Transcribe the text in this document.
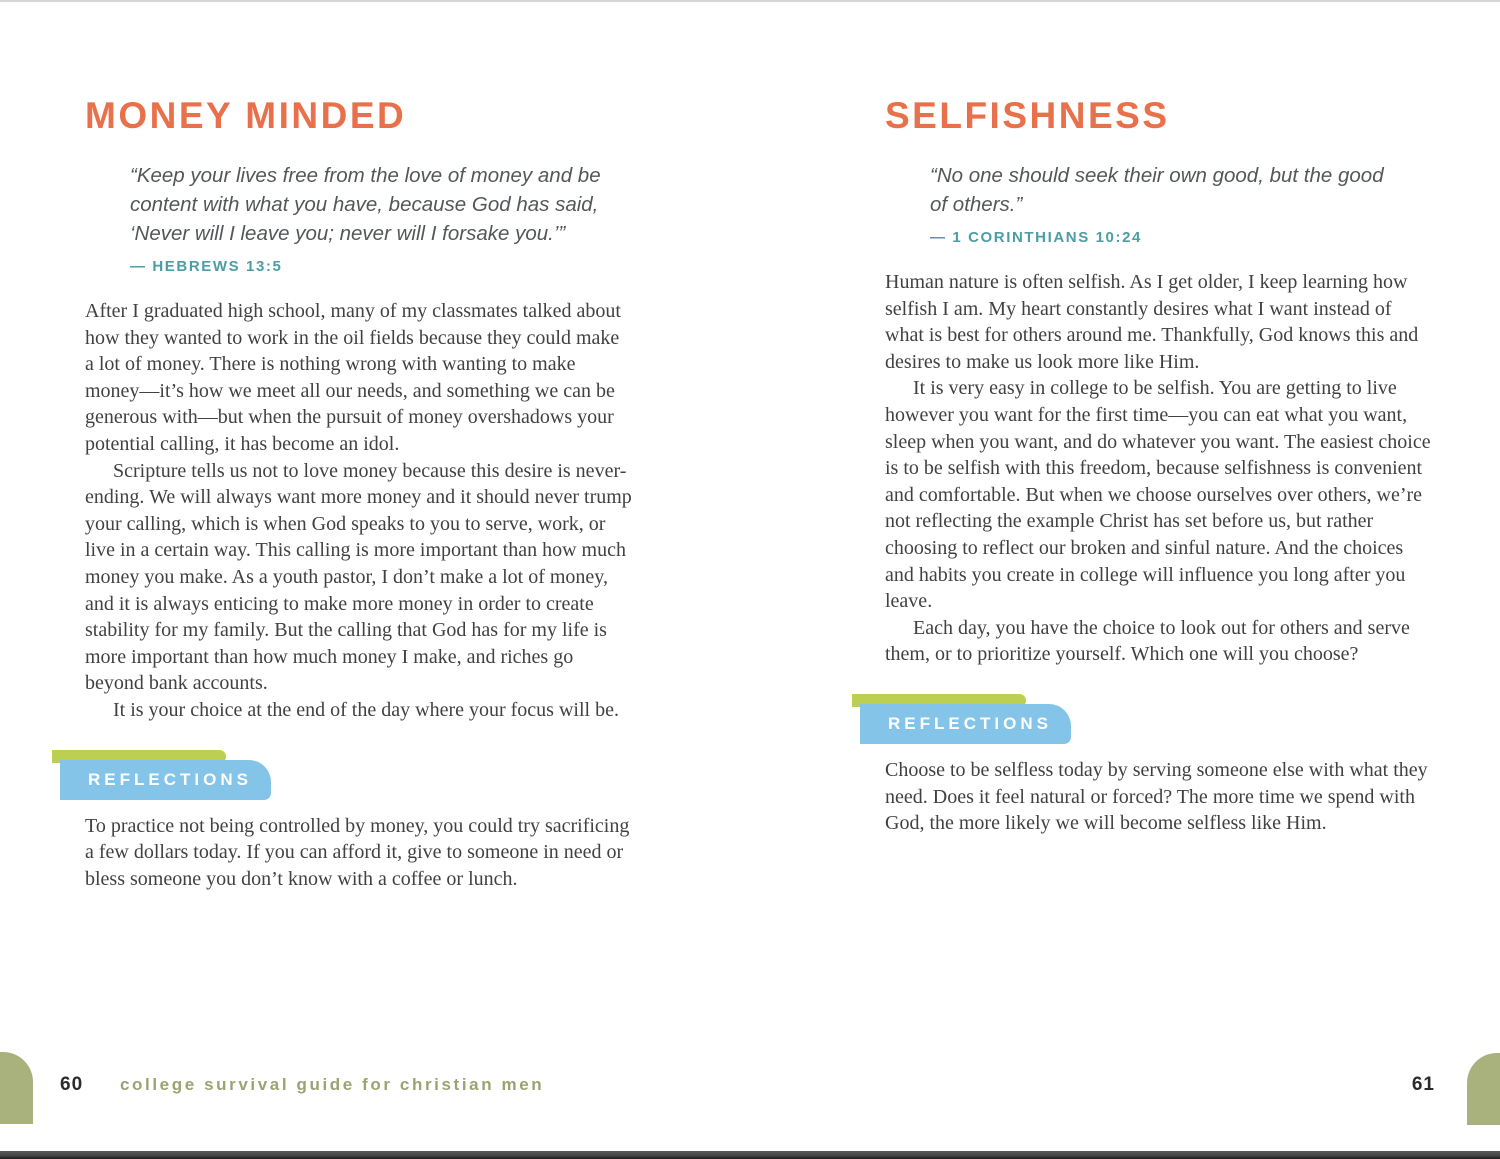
MONEY MINDED
“Keep your lives free from the love of money and be content with what you have, because God has said, ‘Never will I leave you; never will I forsake you.’”
— HEBREWS 13:5

After I graduated high school, many of my classmates talked about how they wanted to work in the oil fields because they could make a lot of money. There is nothing wrong with wanting to make money—it’s how we meet all our needs, and something we can be generous with—but when the pursuit of money overshadows your potential calling, it has become an idol.

Scripture tells us not to love money because this desire is never-ending. We will always want more money and it should never trump your calling, which is when God speaks to you to serve, work, or live in a certain way. This calling is more important than how much money you make. As a youth pastor, I don’t make a lot of money, and it is always enticing to make more money in order to create stability for my family. But the calling that God has for my life is more important than how much money I make, and riches go beyond bank accounts.

It is your choice at the end of the day where your focus will be.

REFLECTIONS
To practice not being controlled by money, you could try sacrificing a few dollars today. If you can afford it, give to someone in need or bless someone you don’t know with a coffee or lunch.
SELFISHNESS
“No one should seek their own good, but the good of others.”
— 1 CORINTHIANS 10:24

Human nature is often selfish. As I get older, I keep learning how selfish I am. My heart constantly desires what I want instead of what is best for others around me. Thankfully, God knows this and desires to make us look more like Him.

It is very easy in college to be selfish. You are getting to live however you want for the first time—you can eat what you want, sleep when you want, and do whatever you want. The easiest choice is to be selfish with this freedom, because selfishness is convenient and comfortable. But when we choose ourselves over others, we’re not reflecting the example Christ has set before us, but rather choosing to reflect our broken and sinful nature. And the choices and habits you create in college will influence you long after you leave.

Each day, you have the choice to look out for others and serve them, or to prioritize yourself. Which one will you choose?

REFLECTIONS
Choose to be selfless today by serving someone else with what they need. Does it feel natural or forced? The more time we spend with God, the more likely we will become selfless like Him.
60 college survival guide for christian men	61
